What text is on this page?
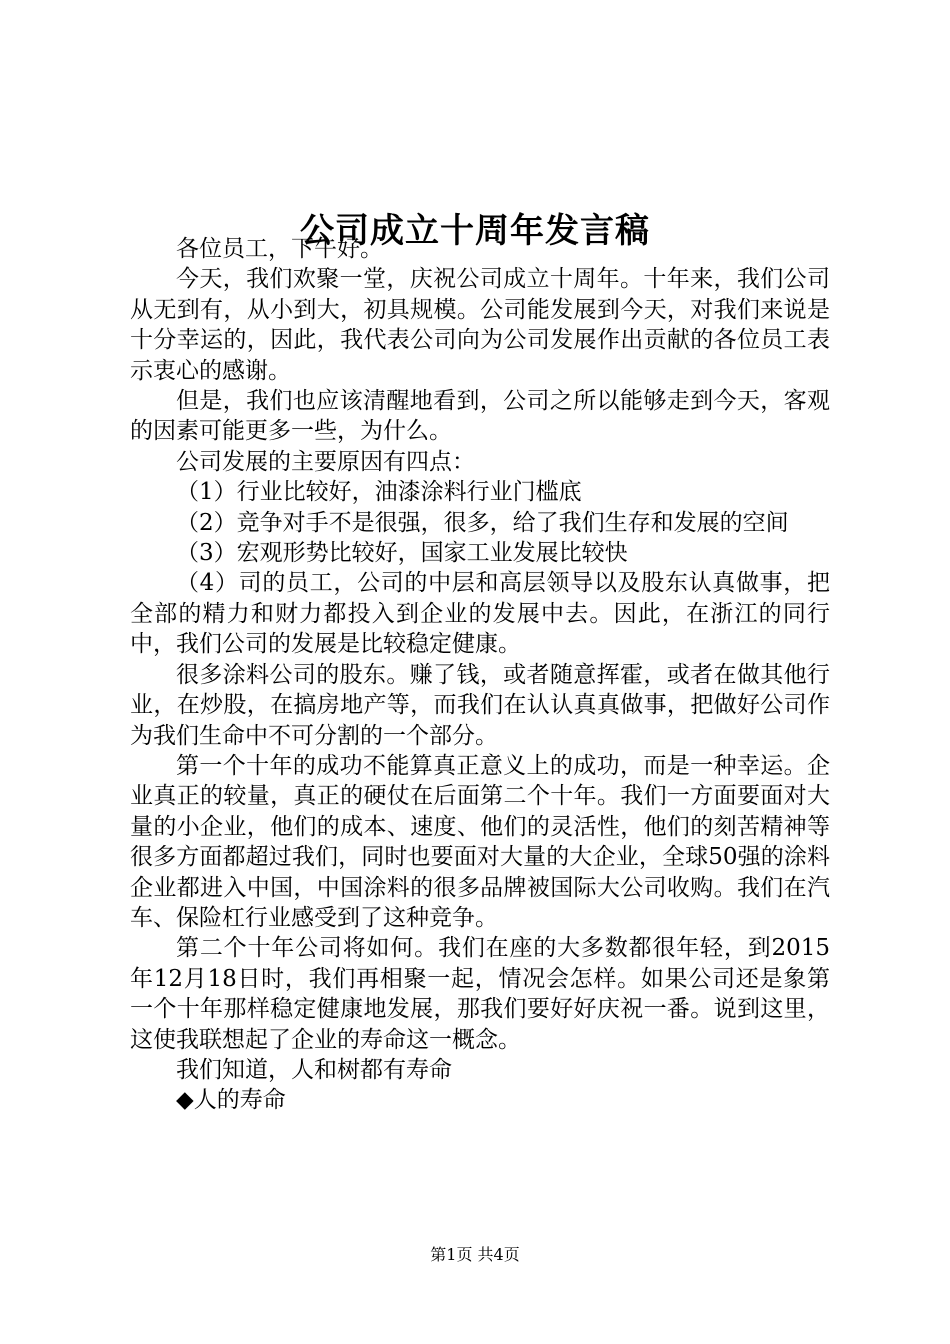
公司成立十周年发言稿

各位员工，下午好。

今天，我们欢聚一堂，庆祝公司成立十周年。十年来，我们公司从无到有，从小到大，初具规模。公司能发展到今天，对我们来说是十分幸运的，因此，我代表公司向为公司发展作出贡献的各位员工表示衷心的感谢。

但是，我们也应该清醒地看到，公司之所以能够走到今天，客观的因素可能更多一些，为什么。

公司发展的主要原因有四点：

（1）行业比较好，油漆涂料行业门槛底

（2）竞争对手不是很强，很多，给了我们生存和发展的空间

（3）宏观形势比较好，国家工业发展比较快

（4）司的员工，公司的中层和高层领导以及股东认真做事，把全部的精力和财力都投入到企业的发展中去。因此，在浙江的同行中，我们公司的发展是比较稳定健康。

很多涂料公司的股东。赚了钱，或者随意挥霍，或者在做其他行业，在炒股，在搞房地产等，而我们在认认真真做事，把做好公司作为我们生命中不可分割的一个部分。

第一个十年的成功不能算真正意义上的成功，而是一种幸运。企业真正的较量，真正的硬仗在后面第二个十年。我们一方面要面对大量的小企业，他们的成本、速度、他们的灵活性，他们的刻苦精神等很多方面都超过我们，同时也要面对大量的大企业，全球50强的涂料企业都进入中国，中国涂料的很多品牌被国际大公司收购。我们在汽车、保险杠行业感受到了这种竞争。

第二个十年公司将如何。我们在座的大多数都很年轻，到2015年12月18日时，我们再相聚一起，情况会怎样。如果公司还是象第一个十年那样稳定健康地发展，那我们要好好庆祝一番。说到这里，这使我联想起了企业的寿命这一概念。

我们知道，人和树都有寿命

◆人的寿命

第1页 共4页
